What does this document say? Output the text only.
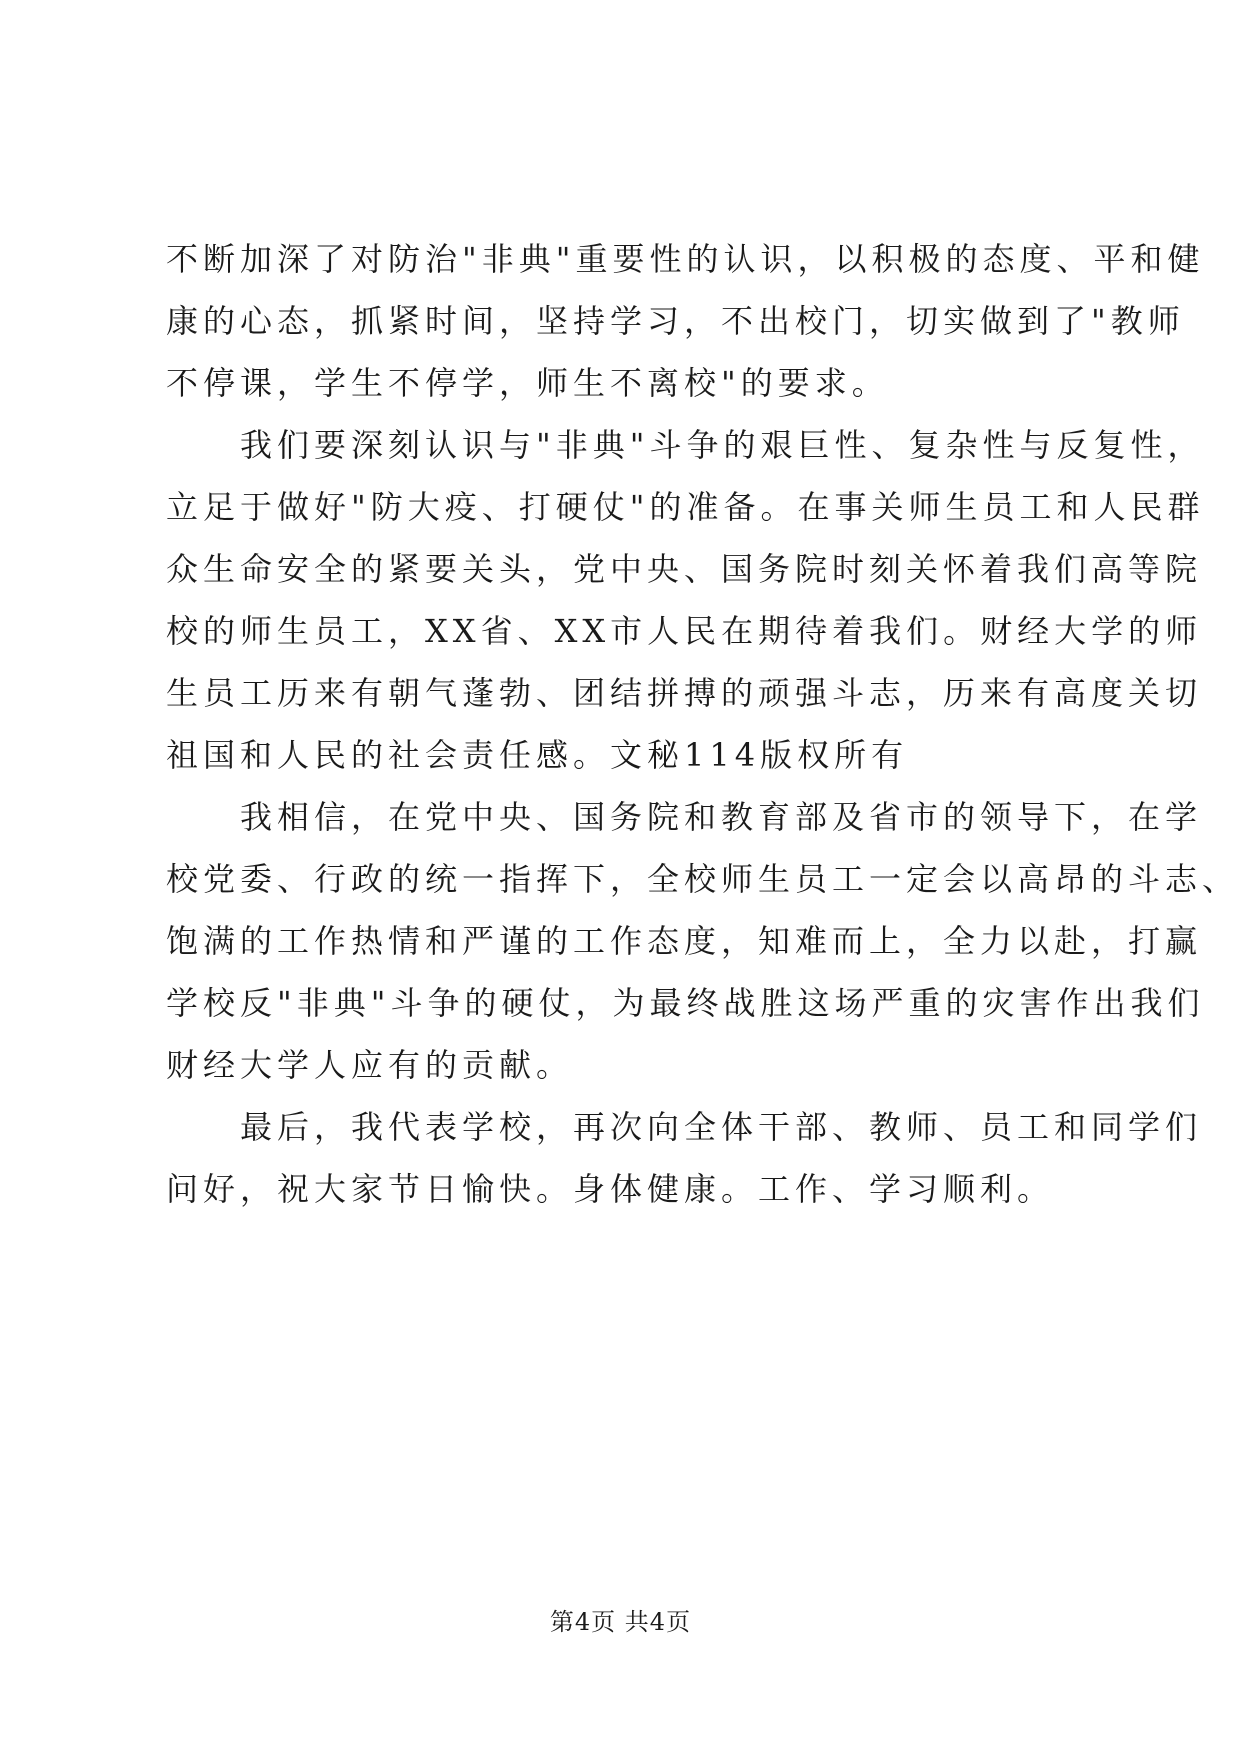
不断加深了对防治"非典"重要性的认识，以积极的态度、平和健
康的心态，抓紧时间，坚持学习，不出校门，切实做到了"教师
不停课，学生不停学，师生不离校"的要求。
我们要深刻认识与"非典"斗争的艰巨性、复杂性与反复性，
立足于做好"防大疫、打硬仗"的准备。在事关师生员工和人民群
众生命安全的紧要关头，党中央、国务院时刻关怀着我们高等院
校的师生员工，XX省、XX市人民在期待着我们。财经大学的师
生员工历来有朝气蓬勃、团结拼搏的顽强斗志，历来有高度关切
祖国和人民的社会责任感。文秘114版权所有
我相信，在党中央、国务院和教育部及省市的领导下，在学
校党委、行政的统一指挥下，全校师生员工一定会以高昂的斗志、
饱满的工作热情和严谨的工作态度，知难而上，全力以赴，打赢
学校反"非典"斗争的硬仗，为最终战胜这场严重的灾害作出我们
财经大学人应有的贡献。
最后，我代表学校，再次向全体干部、教师、员工和同学们
问好，祝大家节日愉快。身体健康。工作、学习顺利。
第4页 共4页
